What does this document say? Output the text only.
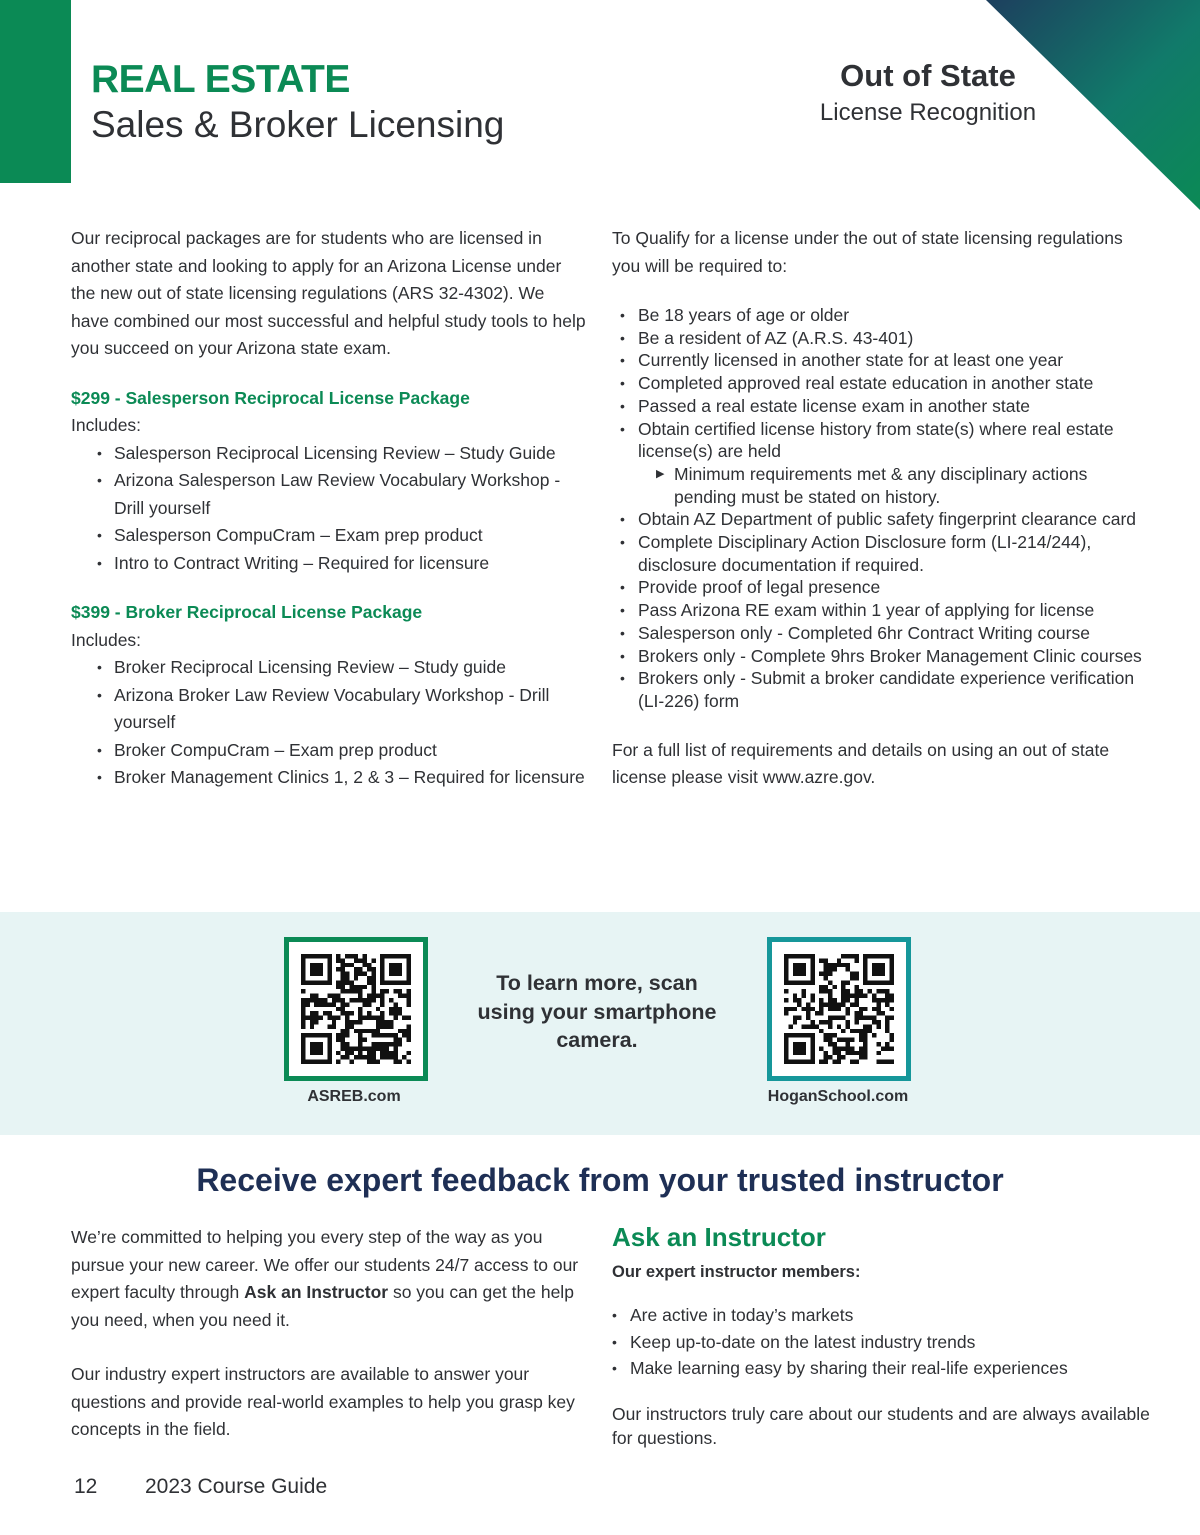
REAL ESTATE
Sales & Broker Licensing
Out of State
License Recognition

Our reciprocal packages are for students who are licensed in another state and looking to apply for an Arizona License under the new out of state licensing regulations (ARS 32-4302). We have combined our most successful and helpful study tools to help you succeed on your Arizona state exam.

$299 - Salesperson Reciprocal License Package

Includes:

• Salesperson Reciprocal Licensing Review – Study Guide
• Arizona Salesperson Law Review Vocabulary Workshop - Drill yourself
• Salesperson CompuCram – Exam prep product
• Intro to Contract Writing – Required for licensure

$399 - Broker Reciprocal License Package

Includes:

• Broker Reciprocal Licensing Review – Study guide
• Arizona Broker Law Review Vocabulary Workshop - Drill yourself
• Broker CompuCram – Exam prep product
• Broker Management Clinics 1, 2 & 3 – Required for licensure

To Qualify for a license under the out of state licensing regulations you will be required to:

• Be 18 years of age or older
• Be a resident of AZ (A.R.S. 43-401)
• Currently licensed in another state for at least one year
• Completed approved real estate education in another state
• Passed a real estate license exam in another state
• Obtain certified license history from state(s) where real estate license(s) are held
▶ Minimum requirements met & any disciplinary actions pending must be stated on history.
• Obtain AZ Department of public safety fingerprint clearance card
• Complete Disciplinary Action Disclosure form (LI-214/244), disclosure documentation if required.
• Provide proof of legal presence
• Pass Arizona RE exam within 1 year of applying for license
• Salesperson only - Completed 6hr Contract Writing course
• Brokers only - Complete 9hrs Broker Management Clinic courses
• Brokers only - Submit a broker candidate experience verification (LI-226) form

For a full list of requirements and details on using an out of state license please visit www.azre.gov.

To learn more, scan using your smartphone camera.
ASREB.com	HoganSchool.com
Receive expert feedback from your trusted instructor

We’re committed to helping you every step of the way as you pursue your new career. We offer our students 24/7 access to our expert faculty through Ask an Instructor so you can get the help you need, when you need it.

Our industry expert instructors are available to answer your questions and provide real-world examples to help you grasp key concepts in the field.

Ask an Instructor
Our expert instructor members:
• Are active in today’s markets
• Keep up-to-date on the latest industry trends
• Make learning easy by sharing their real-life experiences

Our instructors truly care about our students and are always available for questions.

12 2023 Course Guide
